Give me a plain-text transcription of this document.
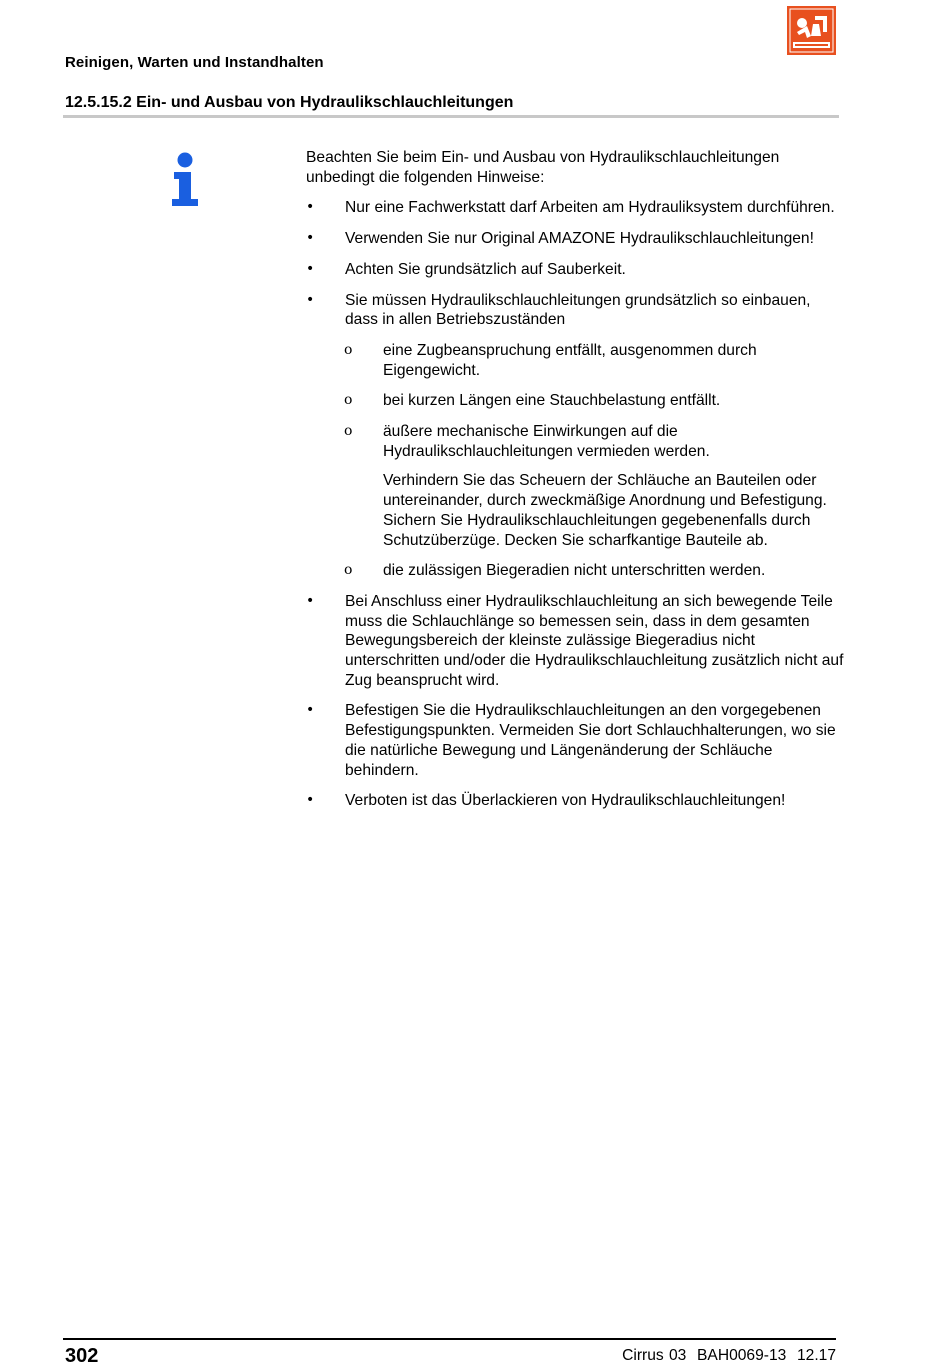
Reinigen, Warten und Instandhalten
12.5.15.2 Ein- und Ausbau von Hydraulikschlauchleitungen

Beachten Sie beim Ein- und Ausbau von Hydraulikschlauchleitungen unbedingt die folgenden Hinweise:

• Nur eine Fachwerkstatt darf Arbeiten am Hydrauliksystem durchführen.

• Verwenden Sie nur Original AMAZONE Hydraulikschlauchleitungen!

• Achten Sie grundsätzlich auf Sauberkeit.

• Sie müssen Hydraulikschlauchleitungen grundsätzlich so einbauen, dass in allen Betriebszuständen

ο eine Zugbeanspruchung entfällt, ausgenommen durch Eigengewicht.
ο bei kurzen Längen eine Stauchbelastung entfällt.
ο äußere mechanische Einwirkungen auf die Hydraulikschlauchleitungen vermieden werden.

Verhindern Sie das Scheuern der Schläuche an Bauteilen oder untereinander, durch zweckmäßige Anordnung und Befestigung. Sichern Sie Hydraulikschlauchleitungen gegebenenfalls durch Schutzüberzüge. Decken Sie scharfkantige Bauteile ab.

ο die zulässigen Biegeradien nicht unterschritten werden.

• Bei Anschluss einer Hydraulikschlauchleitung an sich bewegende Teile muss die Schlauchlänge so bemessen sein, dass in dem gesamten Bewegungsbereich der kleinste zulässige Biegeradius nicht unterschritten und/oder die Hydraulikschlauchleitung zusätzlich nicht auf Zug beansprucht wird.

• Befestigen Sie die Hydraulikschlauchleitungen an den vorgegebenen Befestigungspunkten. Vermeiden Sie dort Schlauchhalterungen, wo sie die natürliche Bewegung und Längenänderung der Schläuche behindern.

• Verboten ist das Überlackieren von Hydraulikschlauchleitungen!

302	Cirrus 03  BAH0069-13  12.17
